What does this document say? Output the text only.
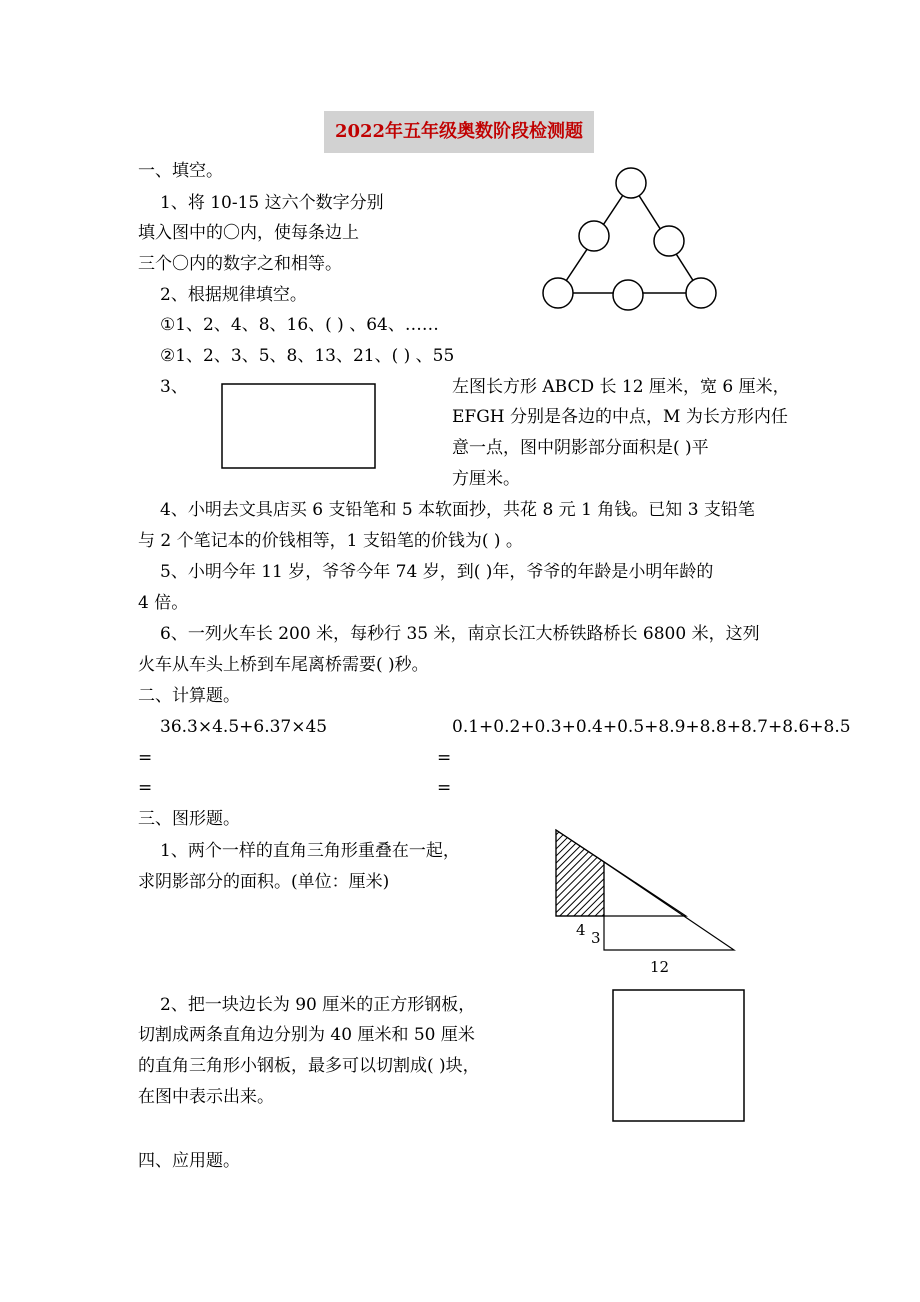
2022年五年级奥数阶段检测题
一、填空。
1、将 10-15 这六个数字分别
填入图中的〇内，使每条边上
三个〇内的数字之和相等。
2、根据规律填空。
①1、2、4、8、16、( ) 、64、……
②1、2、3、5、8、13、21、( ) 、55
3、	左图长方形 ABCD 长 12 厘米，宽 6 厘米，
EFGH 分别是各边的中点，M 为长方形内任
意一点，图中阴影部分面积是( )平
方厘米。
4、小明去文具店买 6 支铅笔和 5 本软面抄，共花 8 元 1 角钱。已知 3 支铅笔
与 2 个笔记本的价钱相等，1 支铅笔的价钱为( ) 。
5、小明今年 11 岁，爷爷今年 74 岁，到( )年，爷爷的年龄是小明年龄的
4 倍。
6、一列火车长 200 米，每秒行 35 米，南京长江大桥铁路桥长 6800 米，这列
火车从车头上桥到车尾离桥需要( )秒。
二、计算题。
36.3×4.5+6.37×45	0.1+0.2+0.3+0.4+0.5+8.9+8.8+8.7+8.6+8.5
=
=
=
=
三、图形题。
1、两个一样的直角三角形重叠在一起，
求阴影部分的面积。(单位：厘米)
4 3
12
2、把一块边长为 90 厘米的正方形钢板，
切割成两条直角边分别为 40 厘米和 50 厘米
的直角三角形小钢板，最多可以切割成( )块，
在图中表示出来。
四、应用题。
